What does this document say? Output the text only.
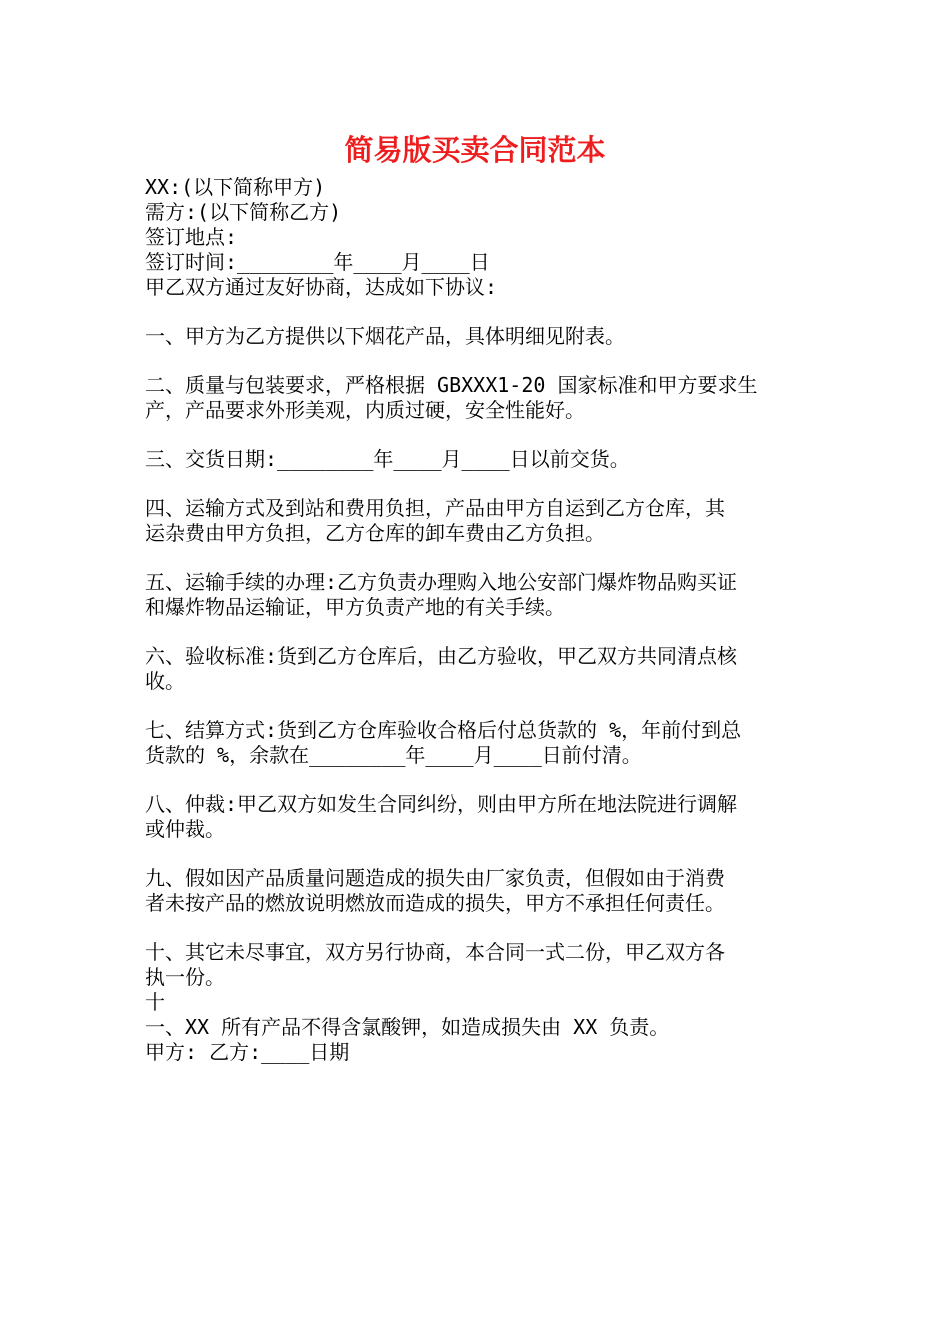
简易版买卖合同范本
XX:(以下简称甲方)
需方:(以下简称乙方)
签订地点:
签订时间:________年____月____日
甲乙双方通过友好协商，达成如下协议:
一、甲方为乙方提供以下烟花产品，具体明细见附表。
二、质量与包装要求，严格根据 GBXXX1-20 国家标准和甲方要求生
产，产品要求外形美观，内质过硬，安全性能好。
三、交货日期:________年____月____日以前交货。
四、运输方式及到站和费用负担，产品由甲方自运到乙方仓库，其
运杂费由甲方负担，乙方仓库的卸车费由乙方负担。
五、运输手续的办理:乙方负责办理购入地公安部门爆炸物品购买证
和爆炸物品运输证，甲方负责产地的有关手续。
六、验收标准:货到乙方仓库后，由乙方验收，甲乙双方共同清点核
收。
七、结算方式:货到乙方仓库验收合格后付总货款的 %，年前付到总
货款的 %，余款在________年____月____日前付清。
八、仲裁:甲乙双方如发生合同纠纷，则由甲方所在地法院进行调解
或仲裁。
九、假如因产品质量问题造成的损失由厂家负责，但假如由于消费
者未按产品的燃放说明燃放而造成的损失，甲方不承担任何责任。
十、其它未尽事宜，双方另行协商，本合同一式二份，甲乙双方各
执一份。
十
一、XX 所有产品不得含氯酸钾，如造成损失由 XX 负责。
甲方: 乙方:____日期
